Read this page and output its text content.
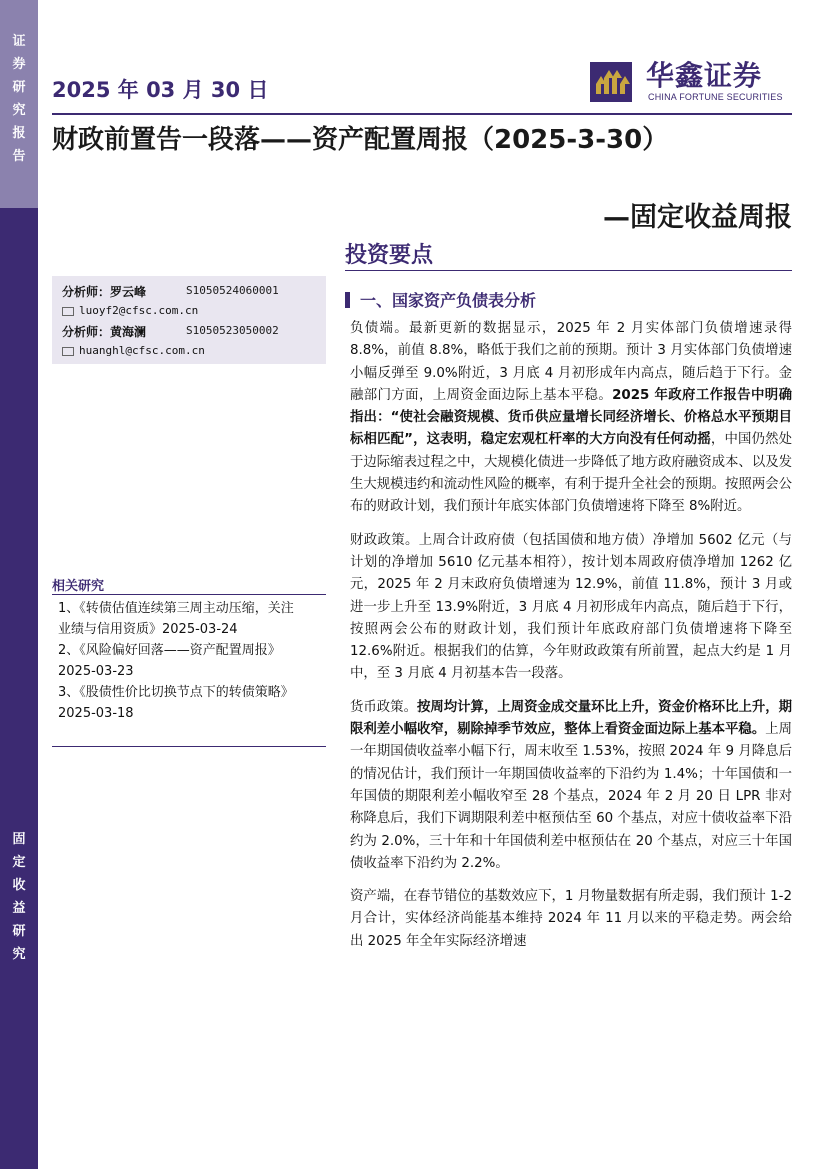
证
券
研
究
报
告
固
定
收
益
研
究
2025 年 03 月 30 日	华鑫证券
CHINA FORTUNE SECURITIES
财政前置告一段落——资产配置周报（2025-3-30）
—固定收益周报
投资要点
分析师：罗云峰	S1050524060001
luoyf2@cfsc.com.cn
分析师：黄海澜	S1050523050002
huanghl@cfsc.com.cn
相关研究
1、《转债估值连续第三周主动压缩，关注业绩与信用资质》2025-03-24
2、《风险偏好回落——资产配置周报》2025-03-23
3、《股债性价比切换节点下的转债策略》2025-03-18
一、国家资产负债表分析

负债端。最新更新的数据显示，2025 年 2 月实体部门负债增速录得 8.8%，前值 8.8%，略低于我们之前的预期。预计 3 月实体部门负债增速小幅反弹至 9.0%附近，3 月底 4 月初形成年内高点，随后趋于下行。金融部门方面，上周资金面边际上基本平稳。2025 年政府工作报告中明确指出：“使社会融资规模、货币供应量增长同经济增长、价格总水平预期目标相匹配”，这表明，稳定宏观杠杆率的大方向没有任何动摇，中国仍然处于边际缩表过程之中，大规模化债进一步降低了地方政府融资成本、以及发生大规模违约和流动性风险的概率，有利于提升全社会的预期。按照两会公布的财政计划，我们预计年底实体部门负债增速将下降至 8%附近。

财政政策。上周合计政府债（包括国债和地方债）净增加 5602 亿元（与计划的净增加 5610 亿元基本相符），按计划本周政府债净增加 1262 亿元，2025 年 2 月末政府负债增速为 12.9%，前值 11.8%，预计 3 月或进一步上升至 13.9%附近，3 月底 4 月初形成年内高点，随后趋于下行，按照两会公布的财政计划，我们预计年底政府部门负债增速将下降至 12.6%附近。根据我们的估算，今年财政政策有所前置，起点大约是 1 月中，至 3 月底 4 月初基本告一段落。

货币政策。按周均计算，上周资金成交量环比上升，资金价格环比上升，期限利差小幅收窄，剔除掉季节效应，整体上看资金面边际上基本平稳。上周一年期国债收益率小幅下行，周末收至 1.53%，按照 2024 年 9 月降息后的情况估计，我们预计一年期国债收益率的下沿约为 1.4%；十年国债和一年国债的期限利差小幅收窄至 28 个基点，2024 年 2 月 20 日 LPR 非对称降息后，我们下调期限利差中枢预估至 60 个基点，对应十债收益率下沿约为 2.0%，三十年和十年国债利差中枢预估在 20 个基点，对应三十年国债收益率下沿约为 2.2%。

资产端，在春节错位的基数效应下，1 月物量数据有所走弱，我们预计 1-2 月合计，实体经济尚能基本维持 2024 年 11 月以来的平稳走势。两会给出 2025 年全年实际经济增速
